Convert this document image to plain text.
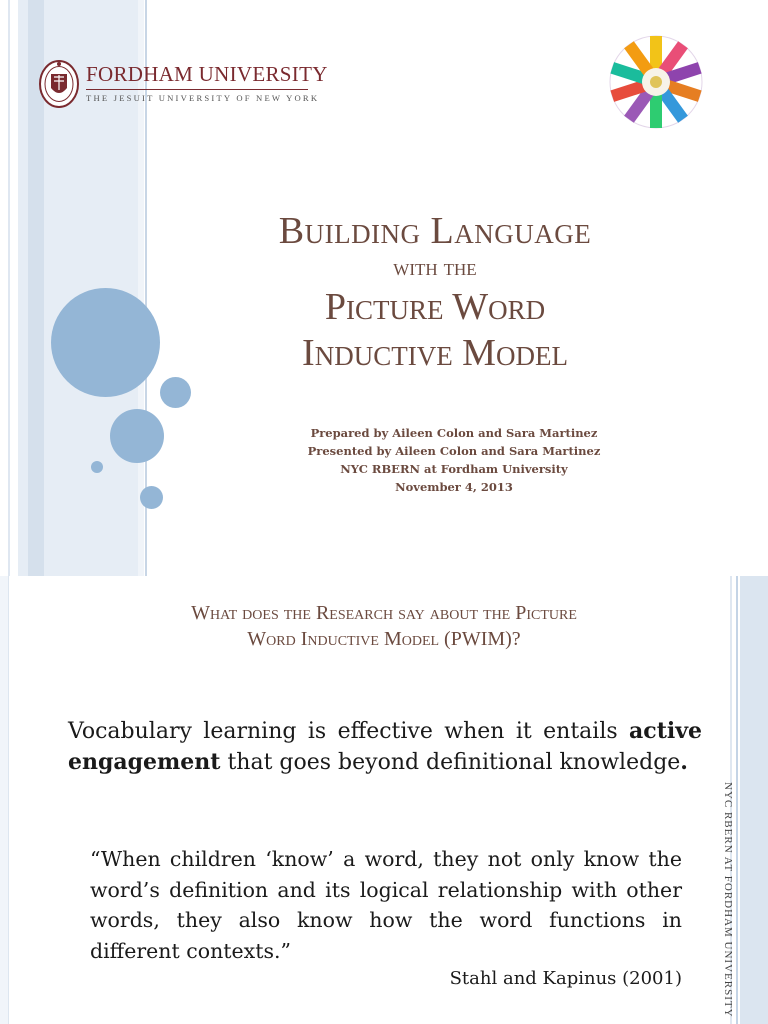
FORDHAM UNIVERSITY
THE JESUIT UNIVERSITY OF NEW YORK
Building Language
with the
Picture Word
Inductive Model
Prepared by Aileen Colon and Sara Martinez
Presented by Aileen Colon and Sara Martinez
NYC RBERN at Fordham University
November 4, 2013
What does the Research say about the Picture
Word Inductive Model (PWIM)?

Vocabulary learning is effective when it entails active engagement that goes beyond definitional knowledge.

“When children ‘know’ a word, they not only know the word’s definition and its logical relationship with other words, they also know how the word functions in different contexts.”

Stahl and Kapinus (2001)	NYC RBERN AT FORDHAM UNIVERSITY
